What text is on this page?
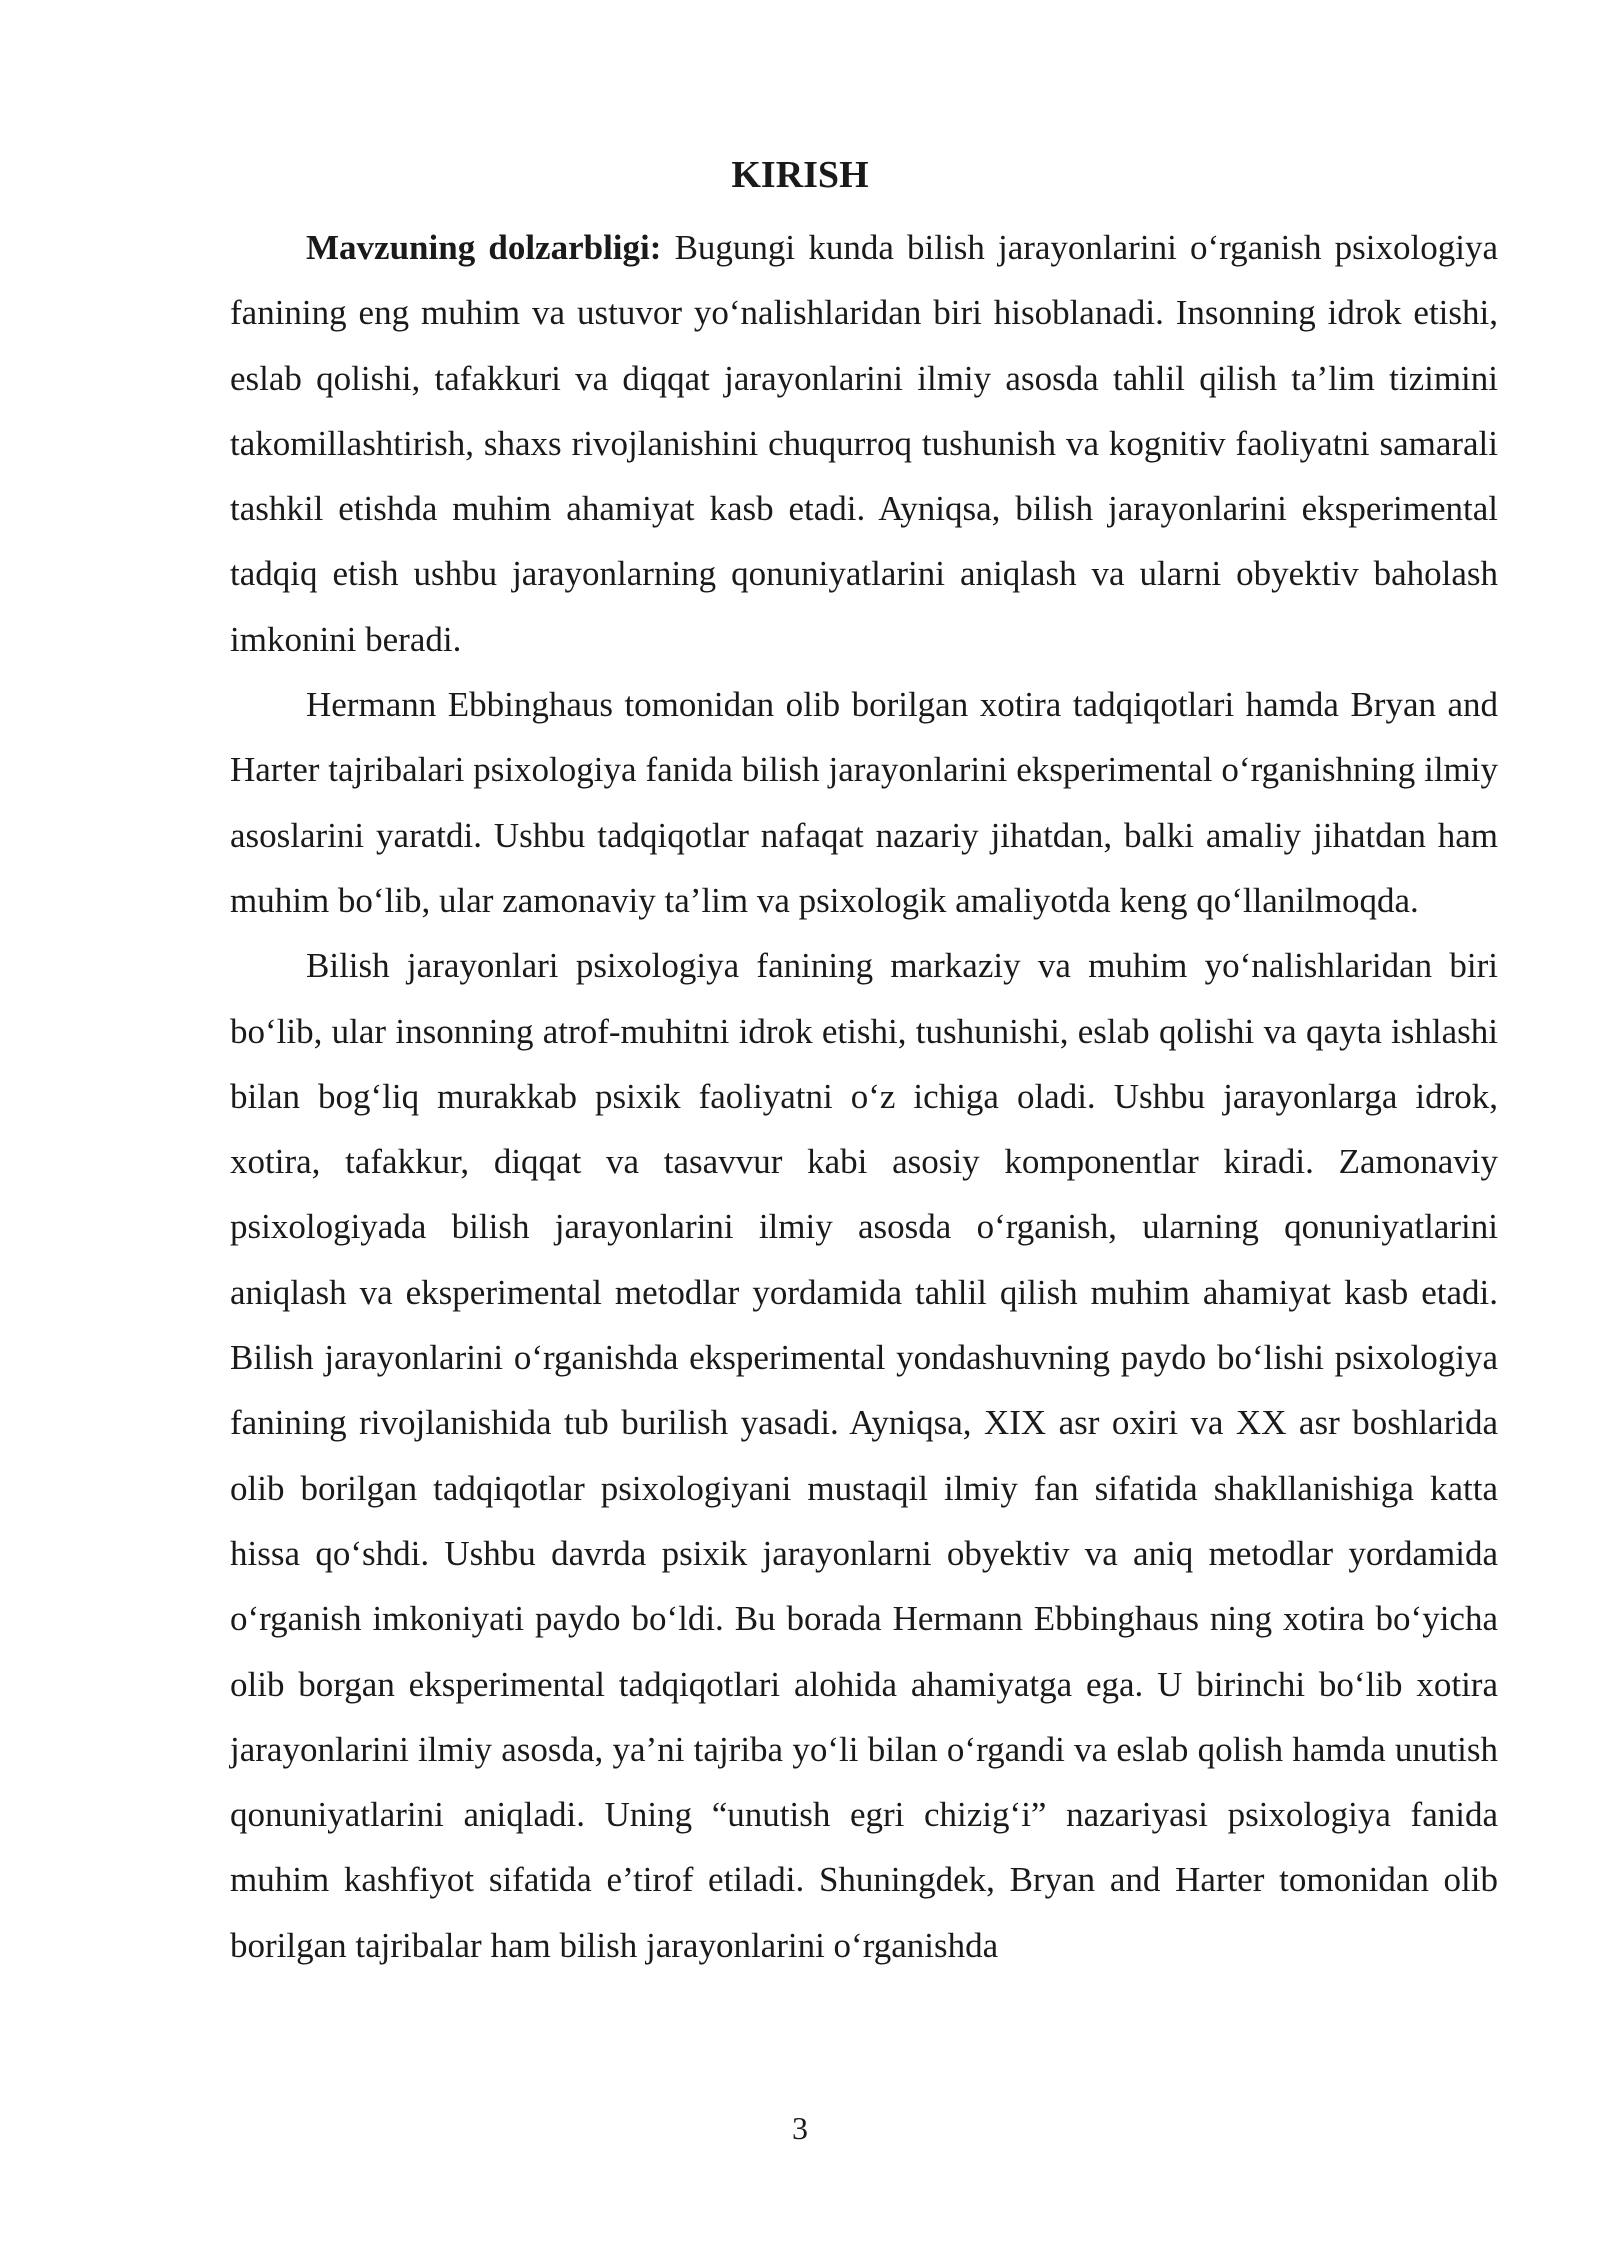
KIRISH

Mavzuning dolzarbligi: Bugungi kunda bilish jarayonlarini o‘rganish psixologiya fanining eng muhim va ustuvor yo‘nalishlaridan biri hisoblanadi. Insonning idrok etishi, eslab qolishi, tafakkuri va diqqat jarayonlarini ilmiy asosda tahlil qilish ta’lim tizimini takomillashtirish, shaxs rivojlanishini chuqurroq tushunish va kognitiv faoliyatni samarali tashkil etishda muhim ahamiyat kasb etadi. Ayniqsa, bilish jarayonlarini eksperimental tadqiq etish ushbu jarayonlarning qonuniyatlarini aniqlash va ularni obyektiv baholash imkonini beradi.

Hermann Ebbinghaus tomonidan olib borilgan xotira tadqiqotlari hamda Bryan and Harter tajribalari psixologiya fanida bilish jarayonlarini eksperimental o‘rganishning ilmiy asoslarini yaratdi. Ushbu tadqiqotlar nafaqat nazariy jihatdan, balki amaliy jihatdan ham muhim bo‘lib, ular zamonaviy ta’lim va psixologik amaliyotda keng qo‘llanilmoqda.

Bilish jarayonlari psixologiya fanining markaziy va muhim yo‘nalishlaridan biri bo‘lib, ular insonning atrof-muhitni idrok etishi, tushunishi, eslab qolishi va qayta ishlashi bilan bog‘liq murakkab psixik faoliyatni o‘z ichiga oladi. Ushbu jarayonlarga idrok, xotira, tafakkur, diqqat va tasavvur kabi asosiy komponentlar kiradi. Zamonaviy psixologiyada bilish jarayonlarini ilmiy asosda o‘rganish, ularning qonuniyatlarini aniqlash va eksperimental metodlar yordamida tahlil qilish muhim ahamiyat kasb etadi. Bilish jarayonlarini o‘rganishda eksperimental yondashuvning paydo bo‘lishi psixologiya fanining rivojlanishida tub burilish yasadi. Ayniqsa, XIX asr oxiri va XX asr boshlarida olib borilgan tadqiqotlar psixologiyani mustaqil ilmiy fan sifatida shakllanishiga katta hissa qo‘shdi. Ushbu davrda psixik jarayonlarni obyektiv va aniq metodlar yordamida o‘rganish imkoniyati paydo bo‘ldi. Bu borada Hermann Ebbinghaus ning xotira bo‘yicha olib borgan eksperimental tadqiqotlari alohida ahamiyatga ega. U birinchi bo‘lib xotira jarayonlarini ilmiy asosda, ya’ni tajriba yo‘li bilan o‘rgandi va eslab qolish hamda unutish qonuniyatlarini aniqladi. Uning “unutish egri chizig‘i” nazariyasi psixologiya fanida muhim kashfiyot sifatida e’tirof etiladi. Shuningdek, Bryan and Harter tomonidan olib borilgan tajribalar ham bilish jarayonlarini o‘rganishda

3
